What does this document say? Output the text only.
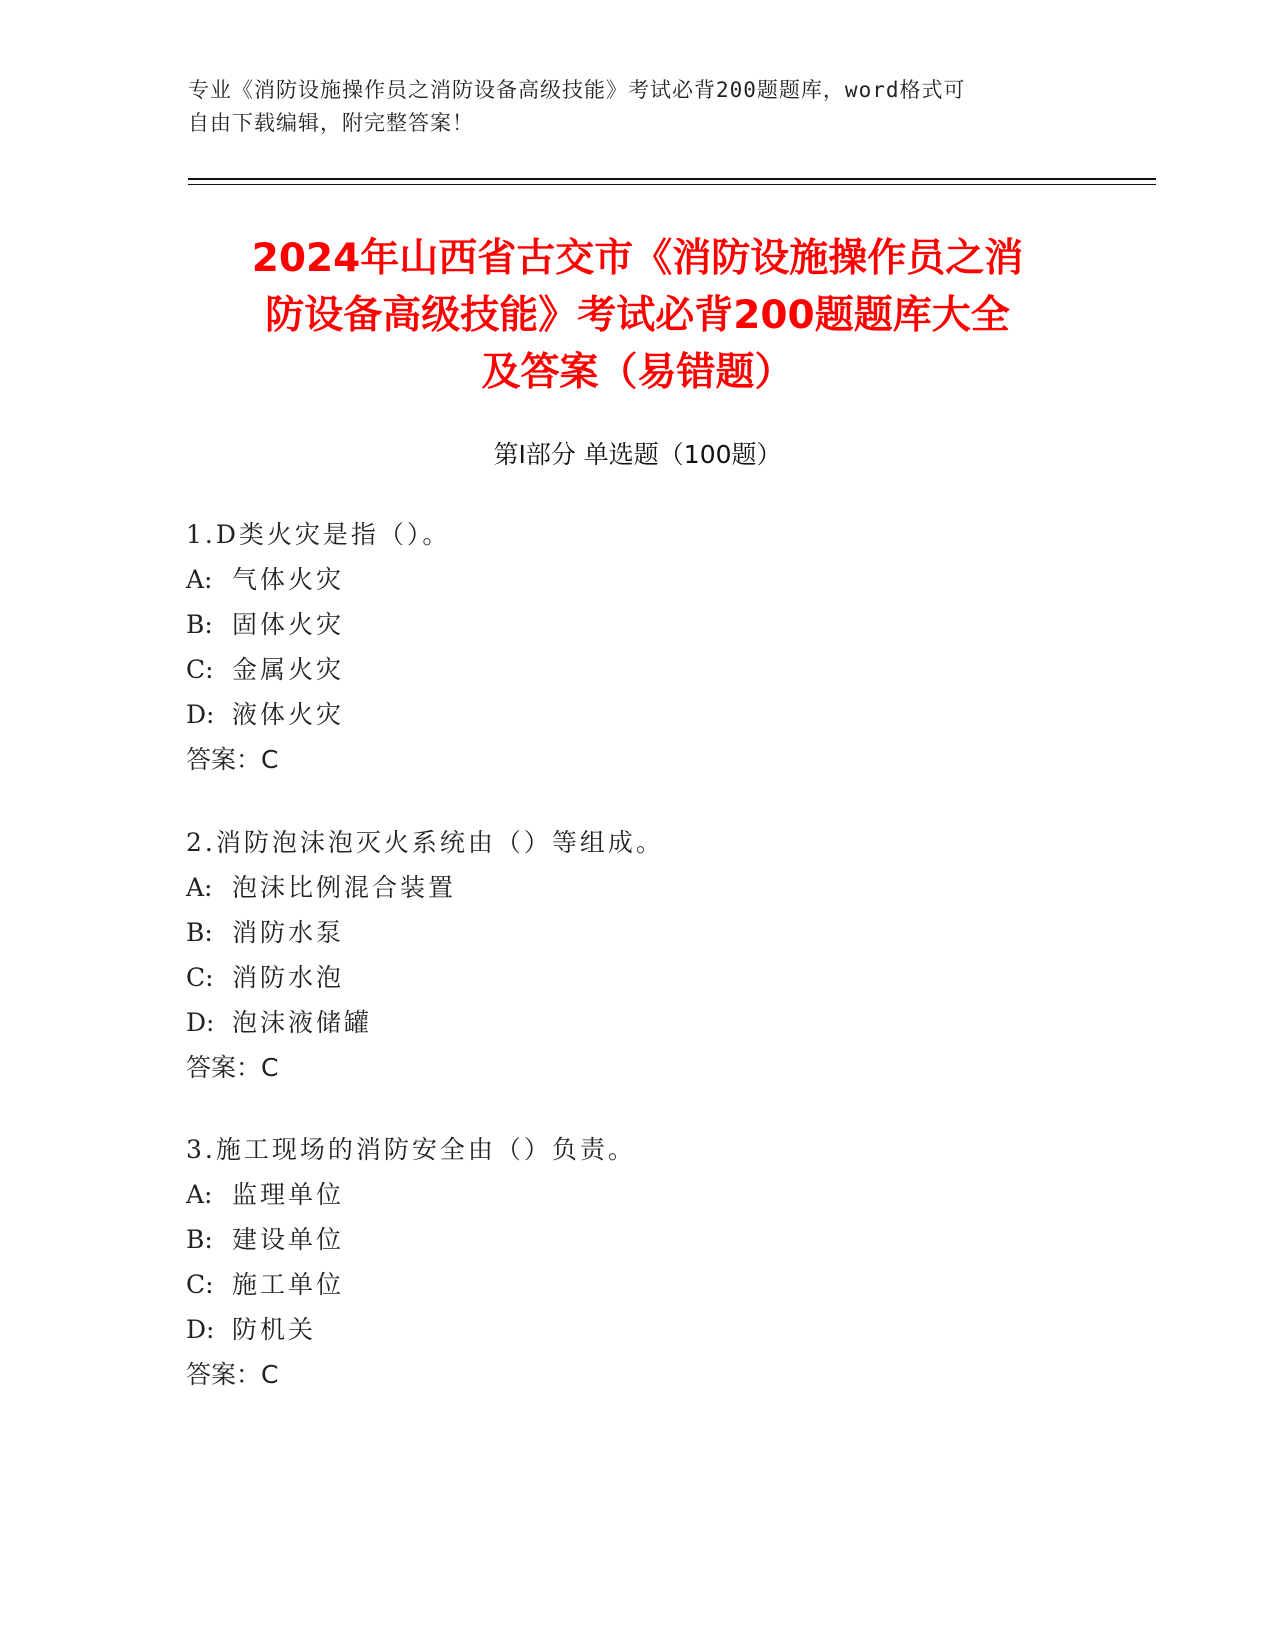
专业《消防设施操作员之消防设备高级技能》考试必背200题题库，word格式可
自由下载编辑，附完整答案！
2024年山西省古交市《消防设施操作员之消
防设备高级技能》考试必背200题题库大全
及答案（易错题）
第Ⅰ部分 单选题（100题）
1.D类火灾是指（）。
A: 气体火灾
B: 固体火灾
C: 金属火灾
D: 液体火灾
答案：C
2.消防泡沫泡灭火系统由（）等组成。
A: 泡沫比例混合装置
B: 消防水泵
C: 消防水泡
D: 泡沫液储罐
答案：C
3.施工现场的消防安全由（）负责。
A: 监理单位
B: 建设单位
C: 施工单位
D: 防机关
答案：C
